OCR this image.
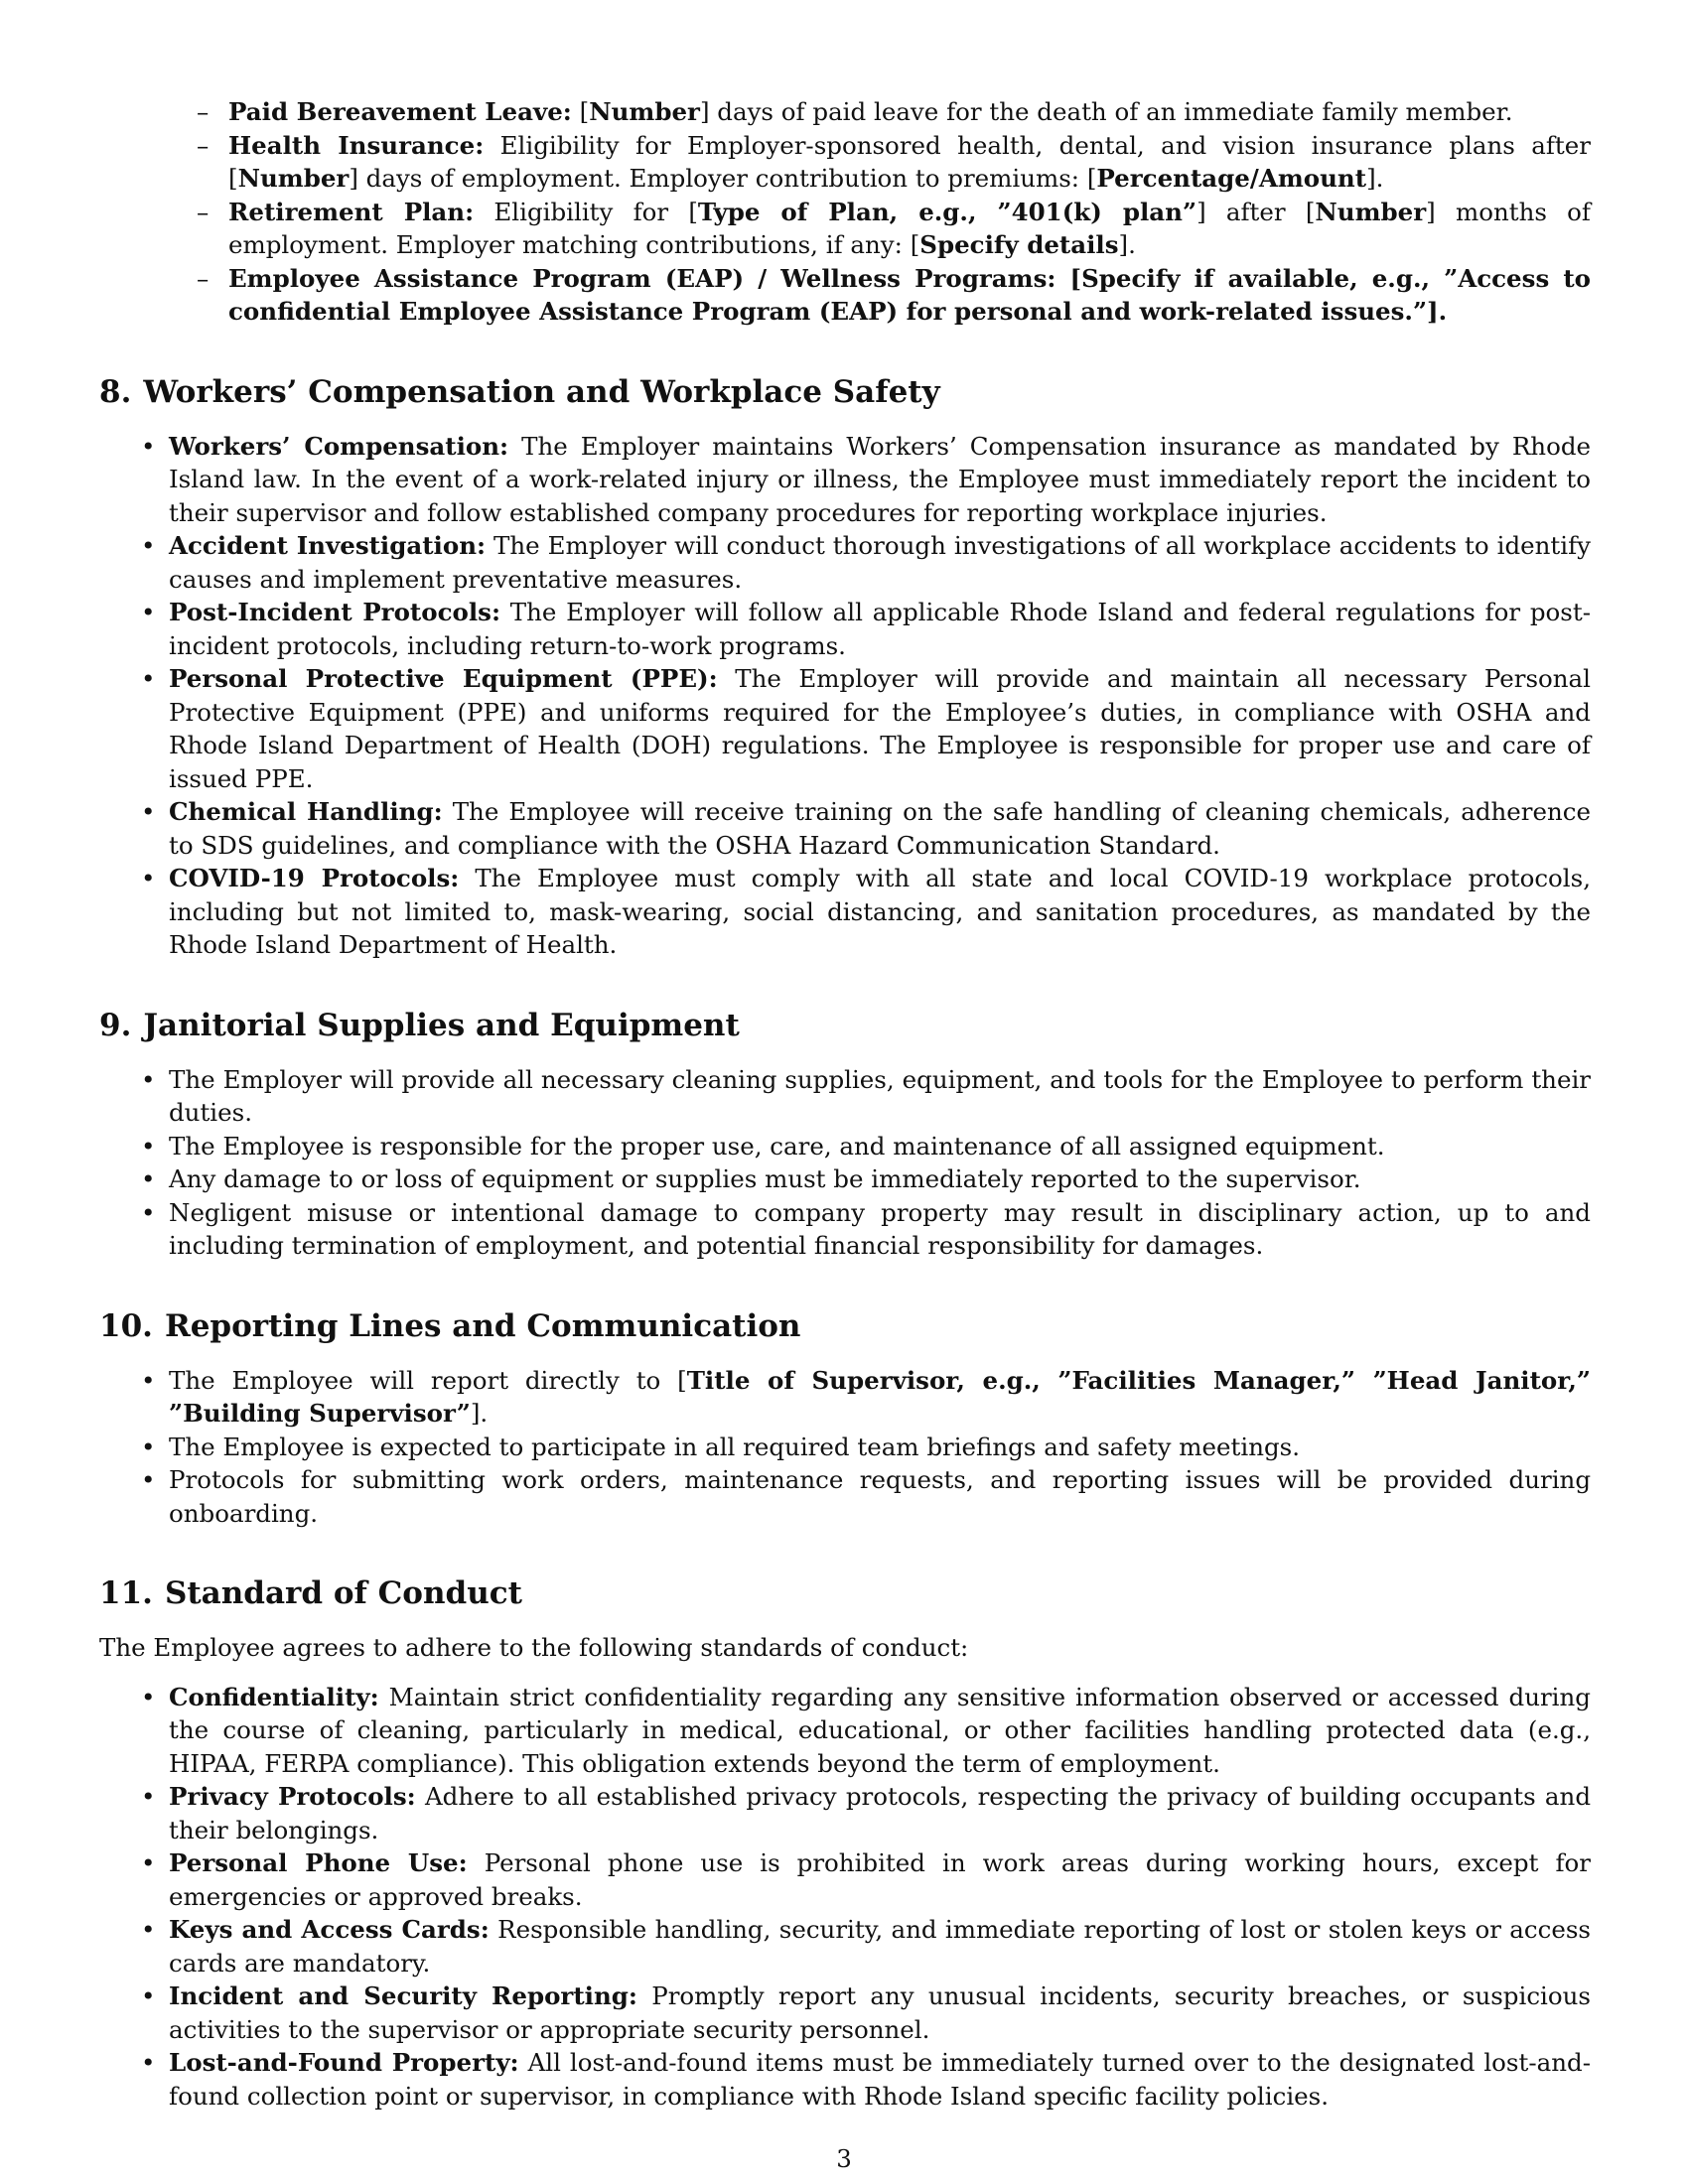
– Paid Bereavement Leave: [Number] days of paid leave for the death of an immediate family member.
– Health Insurance: Eligibility for Employer-sponsored health, dental, and vision insurance plans after [Number] days of employment. Employer contribution to premiums: [Percentage/Amount].
– Retirement Plan: Eligibility for [Type of Plan, e.g., ”401(k) plan”] after [Number] months of employment. Employer matching contributions, if any: [Specify details].
– Employee Assistance Program (EAP) / Wellness Programs: [Specify if available, e.g., ”Access to confidential Employee Assistance Program (EAP) for personal and work-related issues.”].
8. Workers’ Compensation and Workplace Safety
• Workers’ Compensation: The Employer maintains Workers’ Compensation insurance as mandated by Rhode Island law. In the event of a work-related injury or illness, the Employee must immediately report the incident to their supervisor and follow established company procedures for reporting workplace injuries.
• Accident Investigation: The Employer will conduct thorough investigations of all workplace accidents to identify causes and implement preventative measures.
• Post-Incident Protocols: The Employer will follow all applicable Rhode Island and federal regulations for post-incident protocols, including return-to-work programs.
• Personal Protective Equipment (PPE): The Employer will provide and maintain all necessary Personal Protective Equipment (PPE) and uniforms required for the Employee’s duties, in compliance with OSHA and Rhode Island Department of Health (DOH) regulations. The Employee is responsible for proper use and care of issued PPE.
• Chemical Handling: The Employee will receive training on the safe handling of cleaning chemicals, adherence to SDS guidelines, and compliance with the OSHA Hazard Communication Standard.
• COVID-19 Protocols: The Employee must comply with all state and local COVID-19 workplace protocols, including but not limited to, mask-wearing, social distancing, and sanitation procedures, as mandated by the Rhode Island Department of Health.
9. Janitorial Supplies and Equipment
• The Employer will provide all necessary cleaning supplies, equipment, and tools for the Employee to perform their duties.
• The Employee is responsible for the proper use, care, and maintenance of all assigned equipment.
• Any damage to or loss of equipment or supplies must be immediately reported to the supervisor.
• Negligent misuse or intentional damage to company property may result in disciplinary action, up to and including termination of employment, and potential financial responsibility for damages.
10. Reporting Lines and Communication
• The Employee will report directly to [Title of Supervisor, e.g., ”Facilities Manager,” ”Head Janitor,” ”Building Supervisor”].
• The Employee is expected to participate in all required team briefings and safety meetings.
• Protocols for submitting work orders, maintenance requests, and reporting issues will be provided during onboarding.
11. Standard of Conduct

The Employee agrees to adhere to the following standards of conduct:

• Confidentiality: Maintain strict confidentiality regarding any sensitive information observed or accessed during the course of cleaning, particularly in medical, educational, or other facilities handling protected data (e.g., HIPAA, FERPA compliance). This obligation extends beyond the term of employment.
• Privacy Protocols: Adhere to all established privacy protocols, respecting the privacy of building occupants and their belongings.
• Personal Phone Use: Personal phone use is prohibited in work areas during working hours, except for emergencies or approved breaks.
• Keys and Access Cards: Responsible handling, security, and immediate reporting of lost or stolen keys or access cards are mandatory.
• Incident and Security Reporting: Promptly report any unusual incidents, security breaches, or suspicious activities to the supervisor or appropriate security personnel.
• Lost-and-Found Property: All lost-and-found items must be immediately turned over to the designated lost-and-found collection point or supervisor, in compliance with Rhode Island specific facility policies.
3
